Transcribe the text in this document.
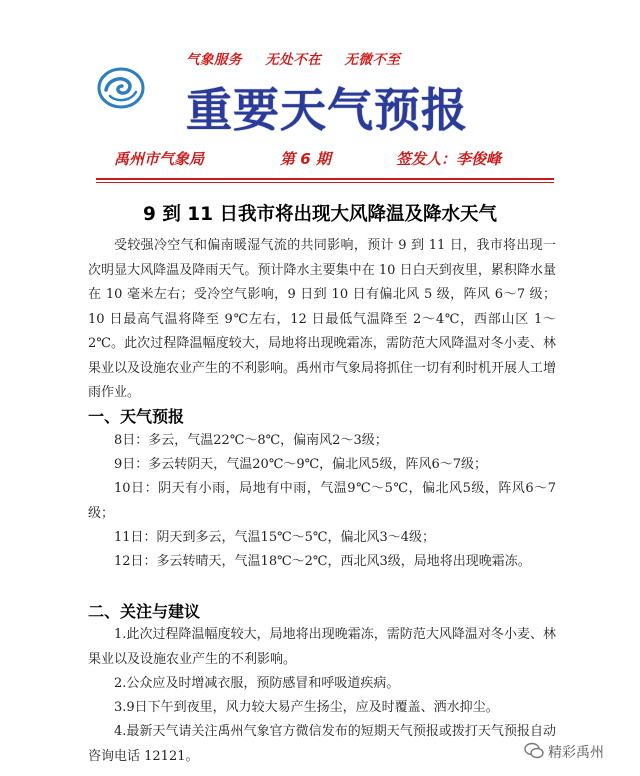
气象服务 无处不在 无微不至
重要天气预报
禹州市气象局	第 6 期	签发人：李俊峰
9 到 11 日我市将出现大风降温及降水天气

受较强冷空气和偏南暖湿气流的共同影响，预计 9 到 11 日，我市将出现一次明显大风降温及降雨天气。预计降水主要集中在 10 日白天到夜里，累积降水量在 10 毫米左右；受冷空气影响，9 日到 10 日有偏北风 5 级，阵风 6～7 级；10 日最高气温将降至 9℃左右，12 日最低气温降至 2～4℃，西部山区 1～2℃。此次过程降温幅度较大，局地将出现晚霜冻，需防范大风降温对冬小麦、林果业以及设施农业产生的不利影响。禹州市气象局将抓住一切有利时机开展人工增雨作业。

一、天气预报

8日：多云，气温22℃～8℃，偏南风2～3级；

9日：多云转阴天，气温20℃～9℃，偏北风5级，阵风6～7级；

10日：阴天有小雨，局地有中雨，气温9℃～5℃，偏北风5级，阵风6～7级；

11日：阴天到多云，气温15℃～5℃，偏北风3～4级；

12日：多云转晴天，气温18℃～2℃，西北风3级，局地将出现晚霜冻。

二、关注与建议

1.此次过程降温幅度较大，局地将出现晚霜冻，需防范大风降温对冬小麦、林果业以及设施农业产生的不利影响。

2.公众应及时增减衣服，预防感冒和呼吸道疾病。

3.9日下午到夜里，风力较大易产生扬尘，应及时覆盖、洒水抑尘。

4.最新天气请关注禹州气象官方微信发布的短期天气预报或拨打天气预报自动咨询电话 12121。	精彩禹州
